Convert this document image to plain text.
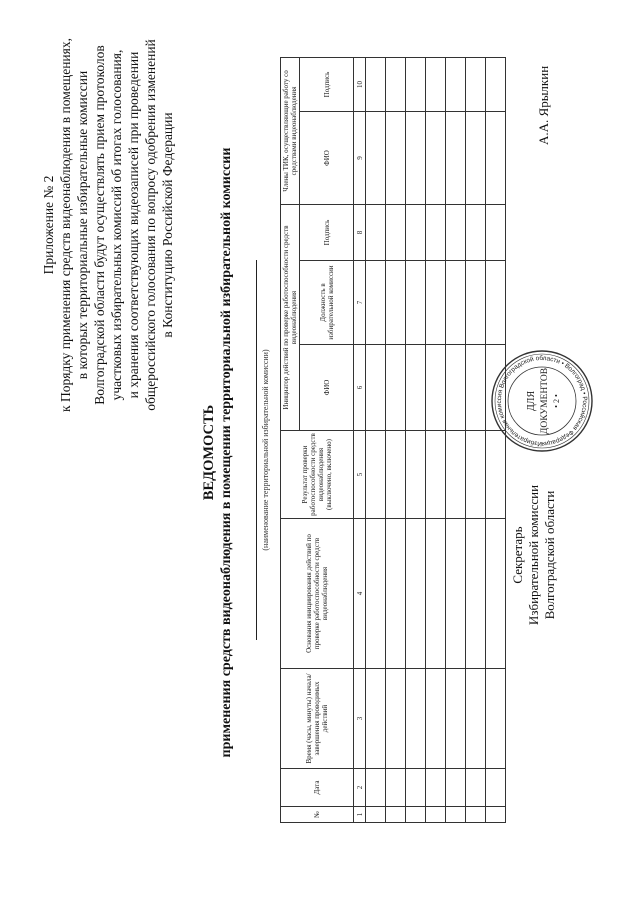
Приложение № 2 к Порядку применения средств видеонаблюдения в помещениях, в которых территориальные избирательные комиссии Волгоградской области будут осуществлять прием протоколов участковых избирательных комиссий об итогах голосования, и хранения соответствующих видеозаписей при проведении общероссийского голосования по вопросу одобрения изменений в Конституцию Российской Федерации
ВЕДОМОСТЬ применения средств видеонаблюдения в помещении территориальной избирательной комиссии	(наименование территориальной избирательной комиссии)
№	Дата	Время (часы, минуты) начала/завершения проводимых действий	Основания инициирования действий по проверке работоспособности средств видеонаблюдения	Результат проверки работоспособности средств видеонаблюдения (выключено, включено)	Инициатор действий по проверке работоспособности средств видеонаблюдения			Члены ТИК, осуществляющие работу со средствами видеонаблюдения	
					ФИО	Должность в избирательной комиссии	Подпись	ФИО	Подпись
1	2	3	4	5	6	7	8	9	10

Секретарь Избирательной комиссии Волгоградской области
Избирательная комиссия Волгоградской области • Волгоград • Российская Федерация
ДЛЯ ДОКУМЕНТОВ • 2 •
А.А. Ярылкин
